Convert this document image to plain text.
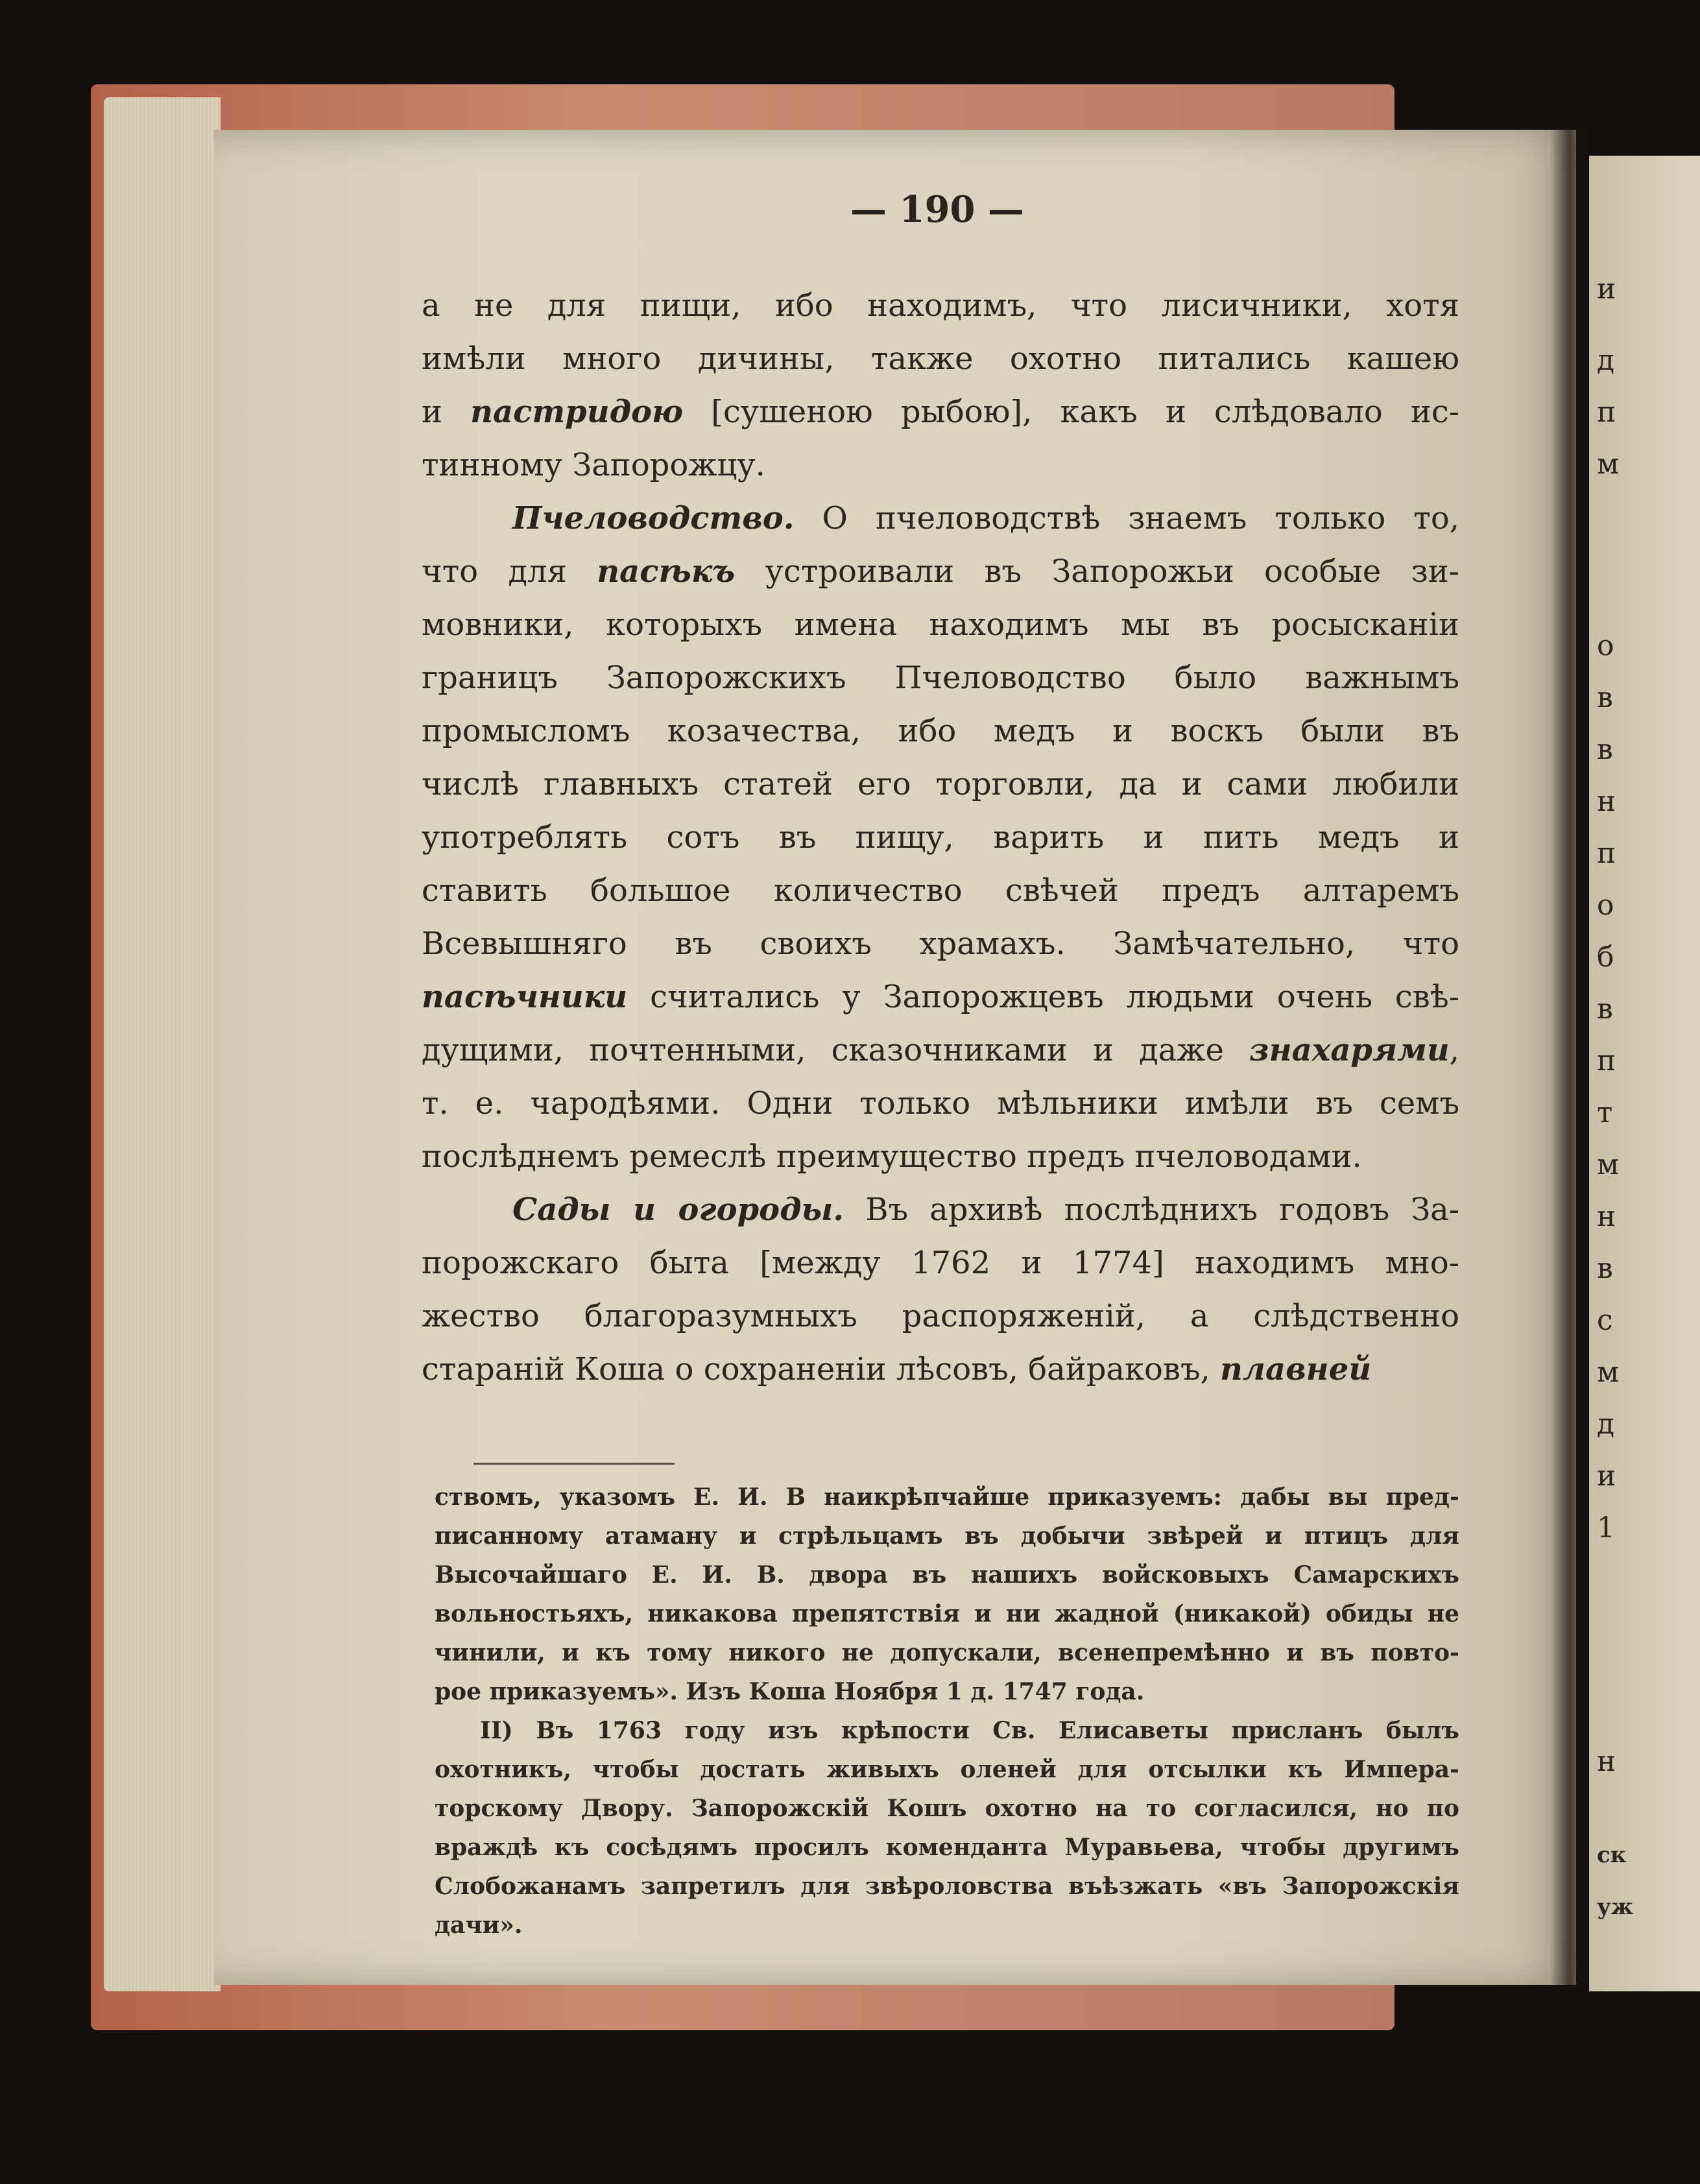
— 190 —
а не для пищи, ибо находимъ, что лисичники, хотя
имѣли много дичины, также охотно питались кашею
и пастридою [сушеною рыбою], какъ и слѣдовало ис-
тинному Запорожцу.
Пчеловодство. О пчеловодствѣ знаемъ только то,
что для пасѣкъ устроивали въ Запорожьи особые зи-
мовники, которыхъ имена находимъ мы въ росысканіи
границъ Запорожскихъ Пчеловодство было важнымъ
промысломъ козачества, ибо медъ и воскъ были въ
числѣ главныхъ статей его торговли, да и сами любили
употреблять сотъ въ пищу, варить и пить медъ и
ставить большое количество свѣчей предъ алтаремъ
Всевышняго въ своихъ храмахъ. Замѣчательно, что
пасѣчники считались у Запорожцевъ людьми очень свѣ-
дущими, почтенными, сказочниками и даже знахарями,
т. е. чародѣями. Одни только мѣльники имѣли въ семъ
послѣднемъ ремеслѣ преимущество предъ пчеловодами.
Сады и огороды. Въ архивѣ послѣднихъ годовъ За-
порожскаго быта [между 1762 и 1774] находимъ мно-
жество благоразумныхъ распоряженій, а слѣдственно
стараній Коша о сохраненіи лѣсовъ, байраковъ, плавней
ствомъ, указомъ Е. И. В наикрѣпчайше приказуемъ: дабы вы пред-
писанному атаману и стрѣльцамъ въ добычи звѣрей и птицъ для
Высочайшаго Е. И. В. двора въ нашихъ войсковыхъ Самарскихъ
вольностьяхъ, никакова препятствія и ни жадной (никакой) обиды не
чинили, и къ тому никого не допускали, всенепремѣнно и въ повто-
рое приказуемъ». Изъ Коша Ноября 1 д. 1747 года.
II) Въ 1763 году изъ крѣпости Св. Елисаветы присланъ былъ
охотникъ, чтобы достать живыхъ оленей для отсылки къ Импера-
торскому Двору. Запорожскій Кошъ охотно на то согласился, но по
враждѣ къ сосѣдямъ просилъ коменданта Муравьева, чтобы другимъ
Слобожанамъ запретилъ для звѣроловства въѣзжать «въ Запорожскія
дачи».
и
д
п
м
о
в
в
н
п
о
б
в
п
т
м
н
в
с
м
д
и
1
н
ск
уж
